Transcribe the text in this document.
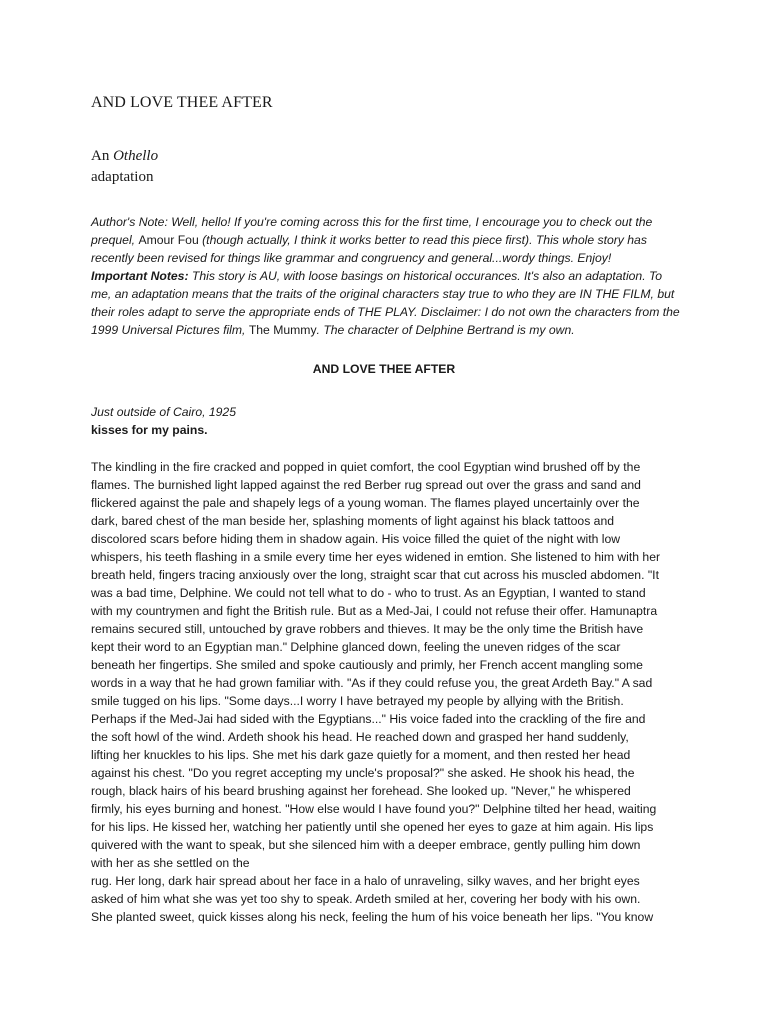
AND LOVE THEE AFTER
An Othello
adaptation
Author's Note: Well, hello! If you're coming across this for the first time, I encourage you to check out the prequel, Amour Fou (though actually, I think it works better to read this piece first). This whole story has recently been revised for things like grammar and congruency and general...wordy things. Enjoy!
Important Notes: This story is AU, with loose basings on historical occurances. It's also an adaptation. To me, an adaptation means that the traits of the original characters stay true to who they are IN THE FILM, but their roles adapt to serve the appropriate ends of THE PLAY. Disclaimer: I do not own the characters from the 1999 Universal Pictures film, The Mummy. The character of Delphine Bertrand is my own.
AND LOVE THEE AFTER
Just outside of Cairo, 1925
kisses for my pains.
The kindling in the fire cracked and popped in quiet comfort, the cool Egyptian wind brushed off by the
flames. The burnished light lapped against the red Berber rug spread out over the grass and sand and
flickered against the pale and shapely legs of a young woman. The flames played uncertainly over the
dark, bared chest of the man beside her, splashing moments of light against his black tattoos and
discolored scars before hiding them in shadow again. His voice filled the quiet of the night with low
whispers, his teeth flashing in a smile every time her eyes widened in emtion. She listened to him with her
breath held, fingers tracing anxiously over the long, straight scar that cut across his muscled abdomen. "It
was a bad time, Delphine. We could not tell what to do - who to trust. As an Egyptian, I wanted to stand
with my countrymen and fight the British rule. But as a Med-Jai, I could not refuse their offer. Hamunaptra
remains secured still, untouched by grave robbers and thieves. It may be the only time the British have
kept their word to an Egyptian man." Delphine glanced down, feeling the uneven ridges of the scar
beneath her fingertips. She smiled and spoke cautiously and primly, her French accent mangling some
words in a way that he had grown familiar with. "As if they could refuse you, the great Ardeth Bay." A sad
smile tugged on his lips. "Some days...I worry I have betrayed my people by allying with the British.
Perhaps if the Med-Jai had sided with the Egyptians..." His voice faded into the crackling of the fire and
the soft howl of the wind. Ardeth shook his head. He reached down and grasped her hand suddenly,
lifting her knuckles to his lips. She met his dark gaze quietly for a moment, and then rested her head
against his chest. "Do you regret accepting my uncle's proposal?" she asked. He shook his head, the
rough, black hairs of his beard brushing against her forehead. She looked up. "Never," he whispered
firmly, his eyes burning and honest. "How else would I have found you?" Delphine tilted her head, waiting
for his lips. He kissed her, watching her patiently until she opened her eyes to gaze at him again. His lips
quivered with the want to speak, but she silenced him with a deeper embrace, gently pulling him down
with her as she settled on the
rug. Her long, dark hair spread about her face in a halo of unraveling, silky waves, and her bright eyes
asked of him what she was yet too shy to speak. Ardeth smiled at her, covering her body with his own.
She planted sweet, quick kisses along his neck, feeling the hum of his voice beneath her lips. "You know
